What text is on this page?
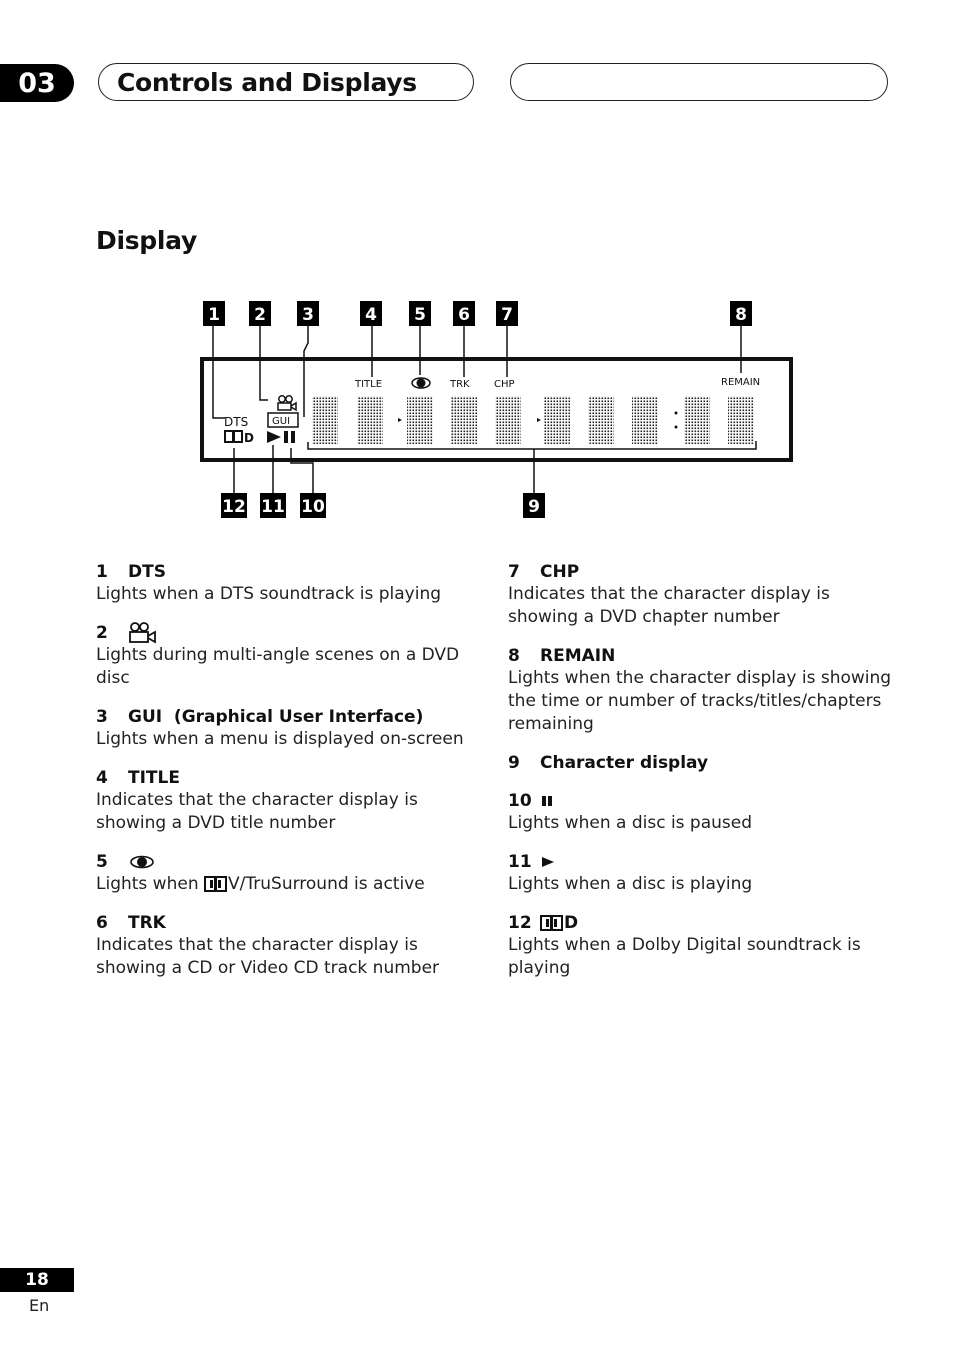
03	Controls and Displays
Display
1 2 3	4 5 6 7	8
12 11 10	9
TITLE	TRK CHP	REMAIN
DTS GUI
D
1	DTS
Lights when a DTS soundtrack is playing
2
Lights during multi-angle scenes on a DVD disc
3	GUI  (Graphical User Interface)
Lights when a menu is displayed on-screen
4	TITLE
Indicates that the character display is showing a DVD title number
5
Lights when V/TruSurround is active
6	TRK
Indicates that the character display is showing a CD or Video CD track number
7	CHP
Indicates that the character display is showing a DVD chapter number
8	REMAIN
Lights when the character display is showing the time or number of tracks/titles/chapters remaining
9	Character display
10
Lights when a disc is paused
11
Lights when a disc is playing
12	D
Lights when a Dolby Digital soundtrack is playing
18
En
